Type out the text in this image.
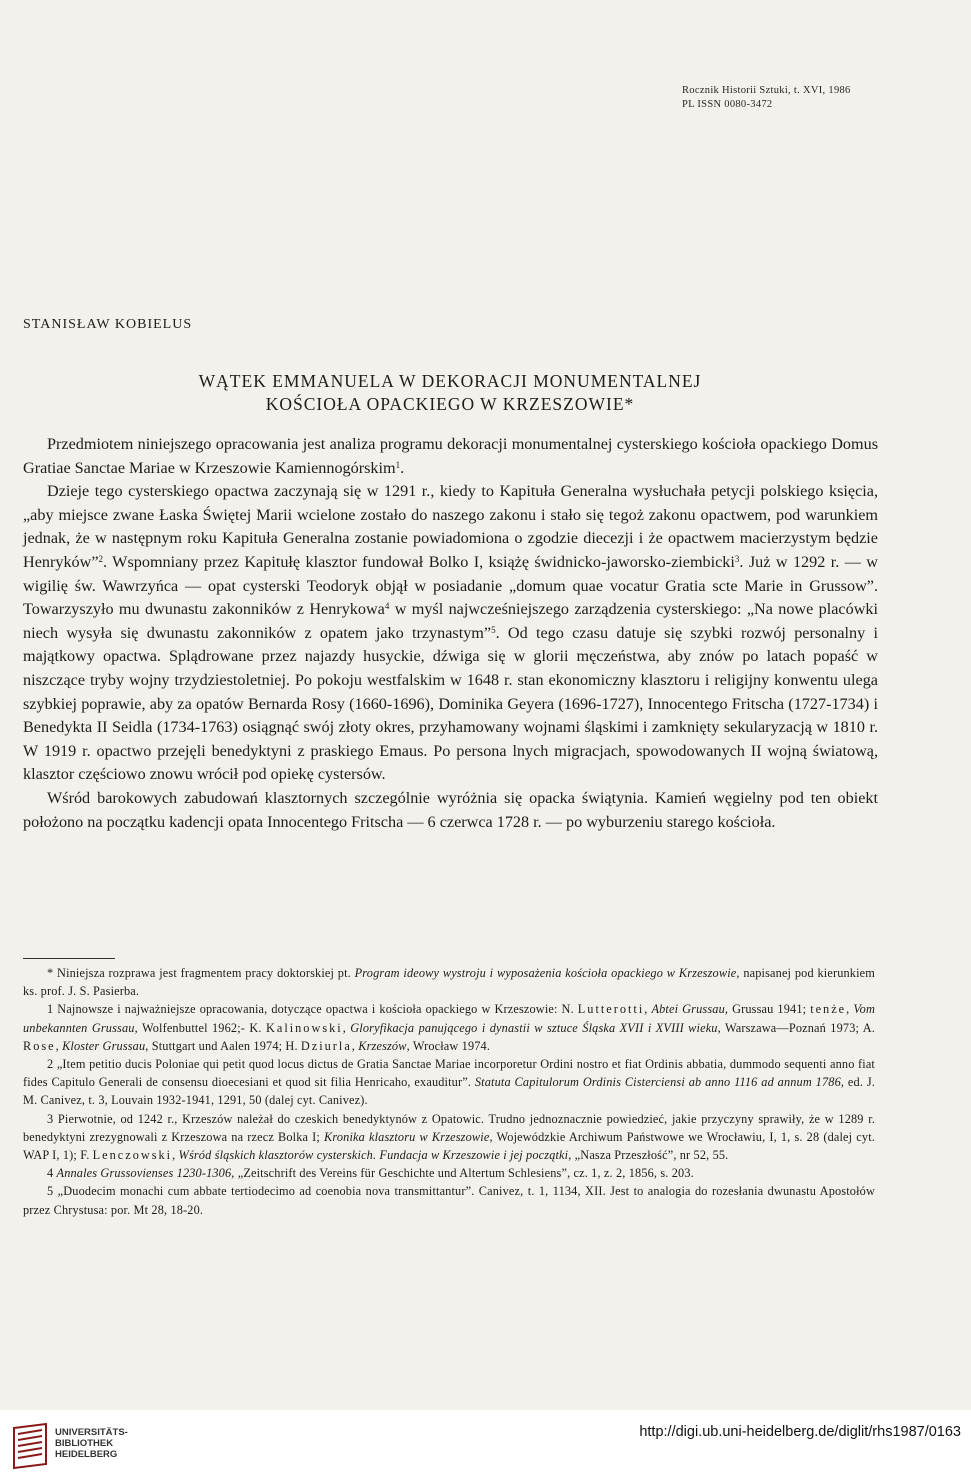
Rocznik Historii Sztuki, t. XVI, 1986
PL ISSN 0080-3472
STANISŁAW KOBIELUS
WĄTEK EMMANUELA W DEKORACJI MONUMENTALNEJ
KOŚCIOŁA OPACKIEGO W KRZESZOWIE*

Przedmiotem niniejszego opracowania jest analiza programu dekoracji monumentalnej cysterskiego kościoła opackiego Domus Gratiae Sanctae Mariae w Krzeszowie Kamiennogórskim$^1$.

Dzieje tego cysterskiego opactwa zaczynają się w 1291 r., kiedy to Kapituła Generalna wysłuchała petycji polskiego księcia, „aby miejsce zwane Łaska Świętej Marii wcielone zostało do naszego zakonu i stało się tegoż zakonu opactwem, pod warunkiem jednak, że w następnym roku Kapituła Generalna zostanie powiadomiona o zgodzie diecezji i że opactwem macierzystym będzie Henryków”$^2$. Wspomniany przez Kapitułę klasztor fundował Bolko I, książę świdnicko-jaworsko-ziembicki$^3$. Już w 1292 r. — w wigilię św. Wawrzyńca — opat cysterski Teodoryk objął w posiadanie „domum quae vocatur Gratia scte Marie in Grussow”. Towarzyszyło mu dwunastu zakonników z Henrykowa$^4$ w myśl najwcześniejszego zarządzenia cysterskiego: „Na nowe placówki niech wysyła się dwunastu zakonników z opatem jako trzynastym”$^5$. Od tego czasu datuje się szybki rozwój personalny i majątkowy opactwa. Splądrowane przez najazdy husyckie, dźwiga się w glorii męczeństwa, aby znów po latach popaść w niszczące tryby wojny trzydziestoletniej. Po pokoju westfalskim w 1648 r. stan ekonomiczny klasztoru i religijny konwentu ulega szybkiej poprawie, aby za opatów Bernarda Rosy (1660-1696), Dominika Geyera (1696-1727), Innocentego Fritscha (1727-1734) i Benedykta II Seidla (1734-1763) osiągnąć swój złoty okres, przyhamowany wojnami śląskimi i zamknięty sekularyzacją w 1810 r. W 1919 r. opactwo przejęli benedyktyni z praskiego Emaus. Po persona lnych migracjach, spowodowanych II wojną światową, klasztor częściowo znowu wrócił pod opiekę cystersów.

Wśród barokowych zabudowań klasztornych szczególnie wyróżnia się opacka świątynia. Kamień węgielny pod ten obiekt położono na początku kadencji opata Innocentego Fritscha — 6 czerwca 1728 r. — po wyburzeniu starego kościoła.

* Niniejsza rozprawa jest fragmentem pracy doktorskiej pt. Program ideowy wystroju i wyposażenia kościoła opackiego w Krzeszowie, napisanej pod kierunkiem ks. prof. J. S. Pasierba.

1 Najnowsze i najważniejsze opracowania, dotyczące opactwa i kościoła opackiego w Krzeszowie: N. Lutterotti, Abtei Grussau, Grussau 1941; tenże, Vom unbekannten Grussau, Wolfenbuttel 1962;- K. Kalinowski, Gloryfikacja panującego i dynastii w sztuce Śląska XVII i XVIII wieku, Warszawa—Poznań 1973; A. Rose, Kloster Grussau, Stuttgart und Aalen 1974; H. Dziurla, Krzeszów, Wrocław 1974.

2 „Item petitio ducis Poloniae qui petit quod locus dictus de Gratia Sanctae Mariae incorporetur Ordini nostro et fiat Ordinis abbatia, dummodo sequenti anno fiat fides Capitulo Generali de consensu dioecesiani et quod sit filia Henricaho, exauditur”. Statuta Capitulorum Ordinis Cisterciensi ab anno 1116 ad annum 1786, ed. J. M. Canivez, t. 3, Louvain 1932-1941, 1291, 50 (dalej cyt. Canivez).

3 Pierwotnie, od 1242 r., Krzeszów należał do czeskich benedyktynów z Opatowic. Trudno jednoznacznie powiedzieć, jakie przyczyny sprawiły, że w 1289 r. benedyktyni zrezygnowali z Krzeszowa na rzecz Bolka I; Kronika klasztoru w Krzeszowie, Wojewódzkie Archiwum Państwowe we Wrocławiu, I, 1, s. 28 (dalej cyt. WAP I, 1); F. Lenczowski, Wśród śląskich klasztorów cysterskich. Fundacja w Krzeszowie i jej początki, „Nasza Przeszłość”, nr 52, 55.

4 Annales Grussovienses 1230-1306, „Zeitschrift des Vereins für Geschichte und Altertum Schlesiens”, cz. 1, z. 2, 1856, s. 203.

5 „Duodecim monachi cum abbate tertiodecimo ad coenobia nova transmittantur”. Canivez, t. 1, 1134, XII. Jest to analogia do rozesłania dwunastu Apostołów przez Chrystusa: por. Mt 28, 18-20.

UNIVERSITÄTS-
BIBLIOTHEK
HEIDELBERG
http://digi.ub.uni-heidelberg.de/diglit/rhs1987/0163
